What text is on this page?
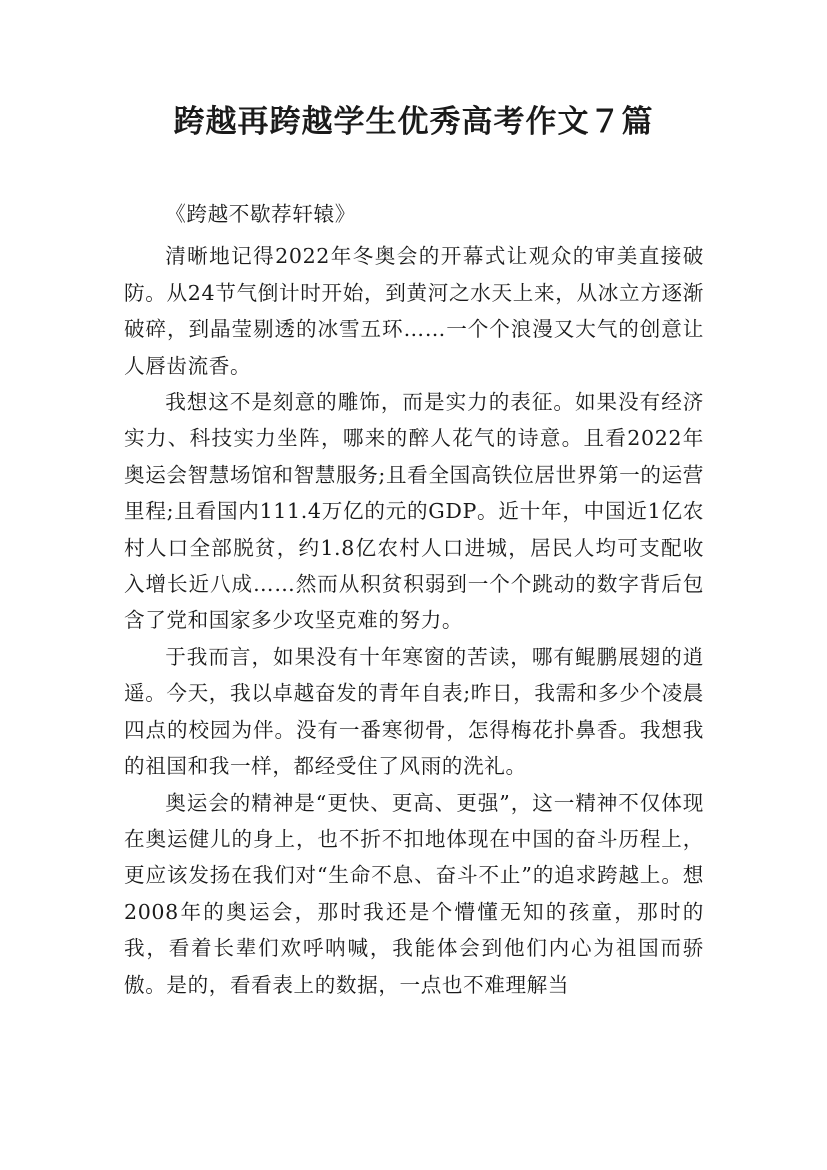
跨越再跨越学生优秀高考作文７篇
《跨越不歇荐轩辕》

清晰地记得2022年冬奥会的开幕式让观众的审美直接破防。从24节气倒计时开始，到黄河之水天上来，从冰立方逐渐破碎，到晶莹剔透的冰雪五环……一个个浪漫又大气的创意让人唇齿流香。

我想这不是刻意的雕饰，而是实力的表征。如果没有经济实力、科技实力坐阵，哪来的醉人花气的诗意。且看2022年奥运会智慧场馆和智慧服务;且看全国高铁位居世界第一的运营里程;且看国内111.4万亿的元的GDP。近十年，中国近1亿农村人口全部脱贫，约1.8亿农村人口进城，居民人均可支配收入增长近八成……然而从积贫积弱到一个个跳动的数字背后包含了党和国家多少攻坚克难的努力。

于我而言，如果没有十年寒窗的苦读，哪有鲲鹏展翅的逍遥。今天，我以卓越奋发的青年自表;昨日，我需和多少个凌晨四点的校园为伴。没有一番寒彻骨，怎得梅花扑鼻香。我想我的祖国和我一样，都经受住了风雨的洗礼。

奥运会的精神是“更快、更高、更强”，这一精神不仅体现在奥运健儿的身上，也不折不扣地体现在中国的奋斗历程上，更应该发扬在我们对“生命不息、奋斗不止”的追求跨越上。想2008年的奥运会，那时我还是个懵懂无知的孩童，那时的我，看着长辈们欢呼呐喊，我能体会到他们内心为祖国而骄傲。是的，看看表上的数据，一点也不难理解当
